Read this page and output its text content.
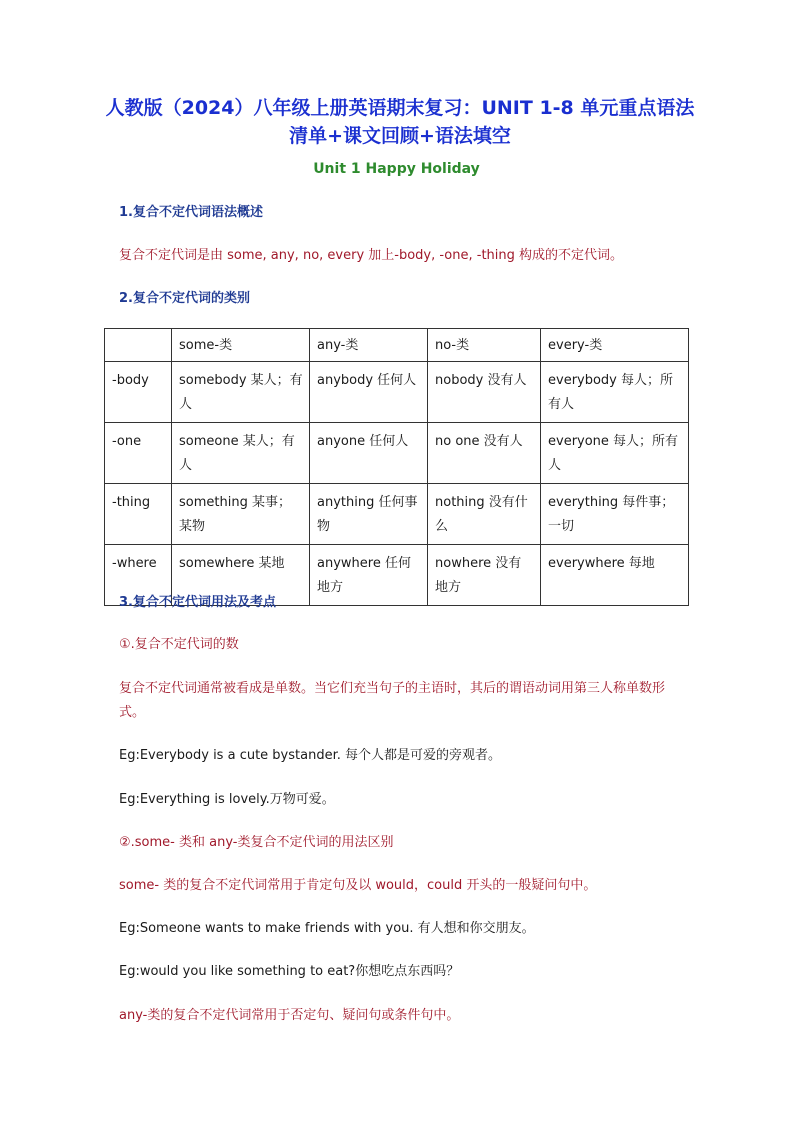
人教版（2024）八年级上册英语期末复习：UNIT 1-8 单元重点语法清单+课文回顾+语法填空

Unit 1 Happy Holiday

1.复合不定代词语法概述

复合不定代词是由 some, any, no, every 加上-body, -one, -thing 构成的不定代词。

2.复合不定代词的类别

	some-类	any-类	no-类	every-类
-body	somebody 某人；有人	anybody 任何人	nobody 没有人	everybody 每人；所有人
-one	someone 某人；有人	anyone 任何人	no one 没有人	everyone 每人；所有人
-thing	something 某事；某物	anything 任何事物	nothing 没有什么	everything 每件事；一切
-where	somewhere 某地	anywhere 任何地方	nowhere 没有地方	everywhere 每地

3.复合不定代词用法及考点

①.复合不定代词的数

复合不定代词通常被看成是单数。当它们充当句子的主语时，其后的谓语动词用第三人称单数形式。

Eg:Everybody is a cute bystander. 每个人都是可爱的旁观者。

Eg:Everything is lovely.万物可爱。

②.some- 类和 any-类复合不定代词的用法区别

some- 类的复合不定代词常用于肯定句及以 would，could 开头的一般疑问句中。

Eg:Someone wants to make friends with you. 有人想和你交朋友。

Eg:would you like something to eat?你想吃点东西吗？

any-类的复合不定代词常用于否定句、疑问句或条件句中。
